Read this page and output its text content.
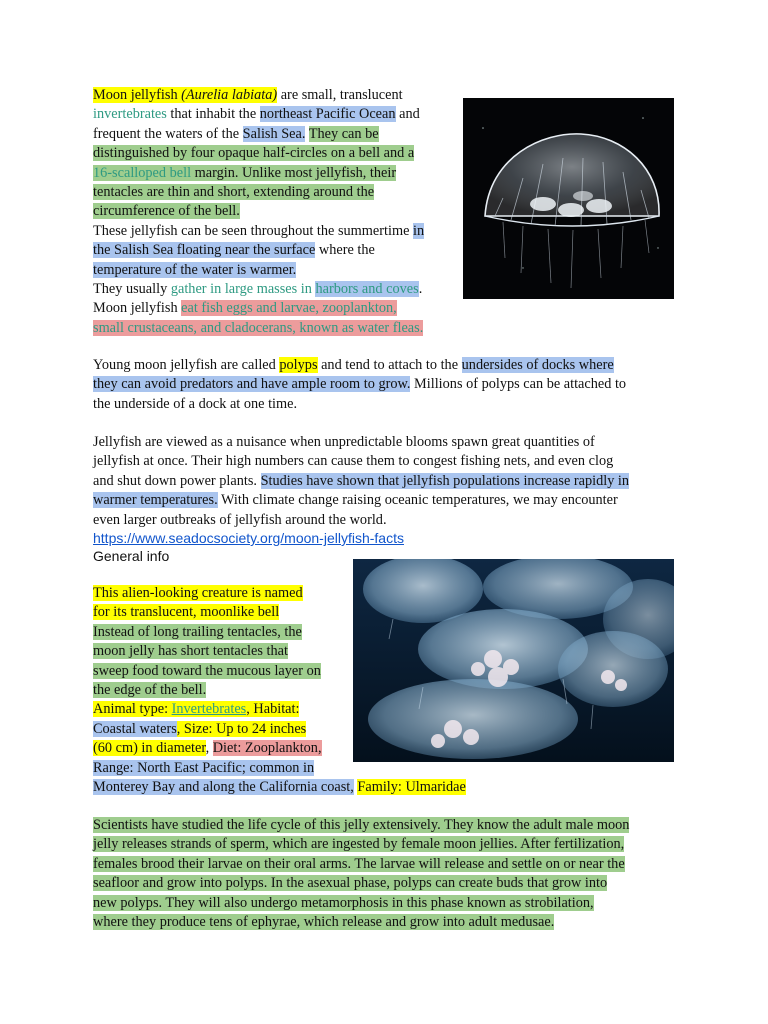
Moon jellyfish (Aurelia labiata) are small, translucent
invertebrates that inhabit the northeast Pacific Ocean and
frequent the waters of the Salish Sea. They can be
distinguished by four opaque half-circles on a bell and a
16-scalloped bell margin. Unlike most jellyfish, their
tentacles are thin and short, extending around the
circumference of the bell.
These jellyfish can be seen throughout the summertime in
the Salish Sea floating near the surface where the
temperature of the water is warmer.
They usually gather in large masses in harbors and coves.
Moon jellyfish eat fish eggs and larvae, zooplankton,
small crustaceans, and cladocerans, known as water fleas.
Young moon jellyfish are called polyps and tend to attach to the undersides of docks where
they can avoid predators and have ample room to grow. Millions of polyps can be attached to
the underside of a dock at one time.
Jellyfish are viewed as a nuisance when unpredictable blooms spawn great quantities of
jellyfish at once. Their high numbers can cause them to congest fishing nets, and even clog
and shut down power plants. Studies have shown that jellyfish populations increase rapidly in
warmer temperatures. With climate change raising oceanic temperatures, we may encounter
even larger outbreaks of jellyfish around the world.
https://www.seadocsociety.org/moon-jellyfish-facts
General info
This alien-looking creature is named
for its translucent, moonlike bell
Instead of long trailing tentacles, the
moon jelly has short tentacles that
sweep food toward the mucous layer on
the edge of the bell.
Animal type: Invertebrates, Habitat:
Coastal waters, Size: Up to 24 inches
(60 cm) in diameter, Diet: Zooplankton,
Range: North East Pacific; common in
Monterey Bay and along the California coast, Family: Ulmaridae
Scientists have studied the life cycle of this jelly extensively. They know the adult male moon
jelly releases strands of sperm, which are ingested by female moon jellies. After fertilization,
females brood their larvae on their oral arms. The larvae will release and settle on or near the
seafloor and grow into polyps. In the asexual phase, polyps can create buds that grow into
new polyps. They will also undergo metamorphosis in this phase known as strobilation,
where they produce tens of ephyrae, which release and grow into adult medusae.
